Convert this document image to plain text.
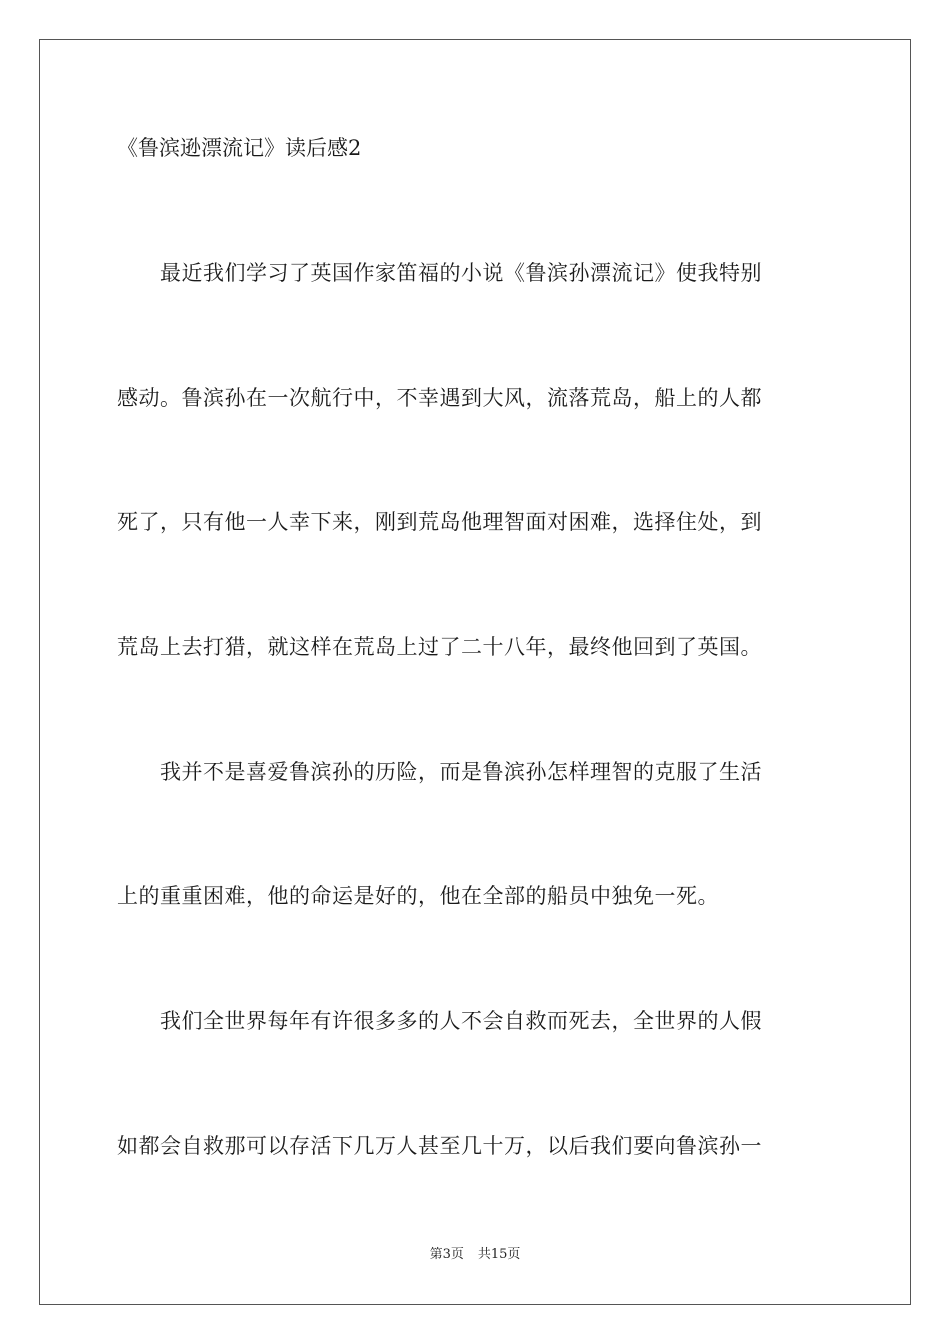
《鲁滨逊漂流记》读后感2
　　最近我们学习了英国作家笛福的小说《鲁滨孙漂流记》使我特别
感动。鲁滨孙在一次航行中，不幸遇到大风，流落荒岛，船上的人都
死了，只有他一人幸下来，刚到荒岛他理智面对困难，选择住处，到
荒岛上去打猎，就这样在荒岛上过了二十八年，最终他回到了英国。
　　我并不是喜爱鲁滨孙的历险，而是鲁滨孙怎样理智的克服了生活
上的重重困难，他的命运是好的，他在全部的船员中独免一死。
　　我们全世界每年有许很多多的人不会自救而死去，全世界的人假
如都会自救那可以存活下几万人甚至几十万，以后我们要向鲁滨孙一
第3页 共15页
